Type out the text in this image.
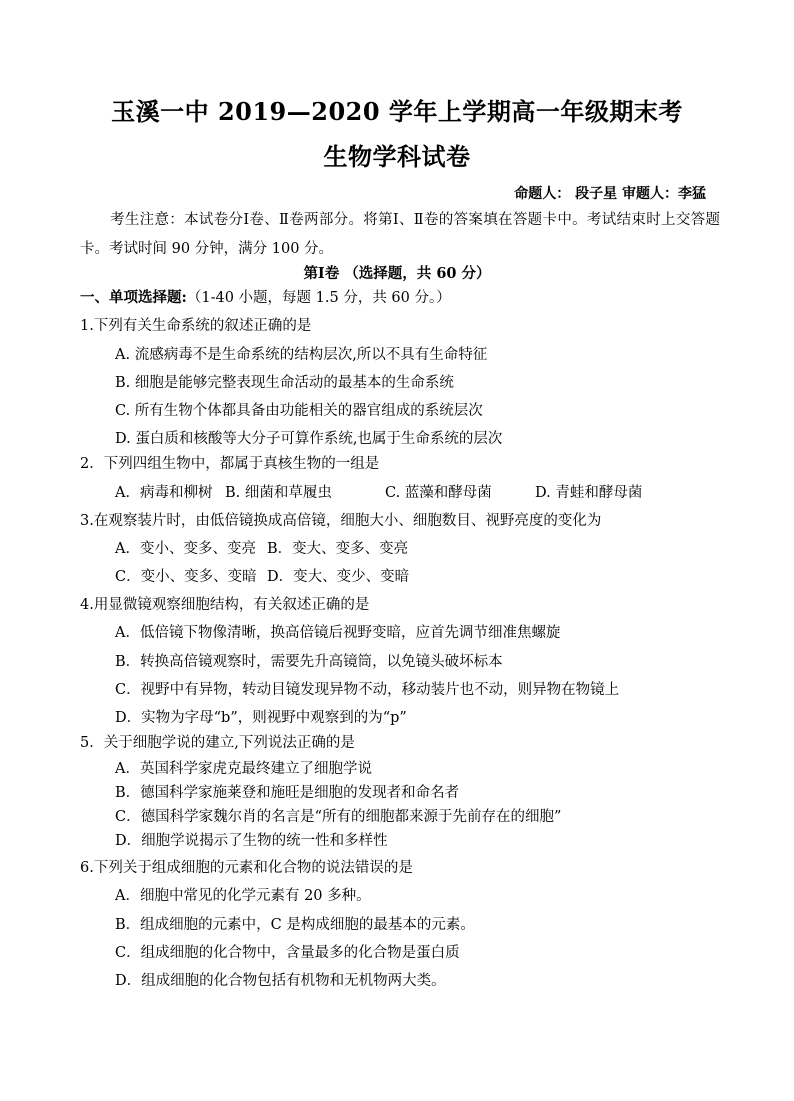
玉溪一中 2019—2020 学年上学期高一年级期末考
生物学科试卷
命题人： 段子星 审题人：李猛
考生注意：本试卷分Ⅰ卷、Ⅱ卷两部分。将第Ⅰ、Ⅱ卷的答案填在答题卡中。考试结束时上交答题卡。考试时间 90 分钟，满分 100 分。
第Ⅰ卷 （选择题，共 60 分）
一、单项选择题:（1-40 小题，每题 1.5 分，共 60 分。）
1.下列有关生命系统的叙述正确的是
A. 流感病毒不是生命系统的结构层次,所以不具有生命特征
B. 细胞是能够完整表现生命活动的最基本的生命系统
C. 所有生物个体都具备由功能相关的器官组成的系统层次
D. 蛋白质和核酸等大分子可算作系统,也属于生命系统的层次
2．下列四组生物中，都属于真核生物的一组是
A．病毒和柳树 B. 细菌和草履虫	C. 蓝藻和酵母菌	D. 青蛙和酵母菌
3.在观察装片时，由低倍镜换成高倍镜，细胞大小、细胞数目、视野亮度的变化为
A．变小、变多、变亮 B．变大、变多、变亮
C．变小、变多、变暗 D．变大、变少、变暗
4.用显微镜观察细胞结构，有关叙述正确的是
A．低倍镜下物像清晰，换高倍镜后视野变暗，应首先调节细准焦螺旋
B．转换高倍镜观察时，需要先升高镜筒，以免镜头破坏标本
C．视野中有异物，转动目镜发现异物不动，移动装片也不动，则异物在物镜上
D．实物为字母“b”，则视野中观察到的为“p”
5．关于细胞学说的建立,下列说法正确的是
A．英国科学家虎克最终建立了细胞学说
B．德国科学家施莱登和施旺是细胞的发现者和命名者
C．德国科学家魏尔肖的名言是“所有的细胞都来源于先前存在的细胞”
D．细胞学说揭示了生物的统一性和多样性
6.下列关于组成细胞的元素和化合物的说法错误的是
A．细胞中常见的化学元素有 20 多种。
B．组成细胞的元素中，C 是构成细胞的最基本的元素。
C．组成细胞的化合物中，含量最多的化合物是蛋白质
D．组成细胞的化合物包括有机物和无机物两大类。
